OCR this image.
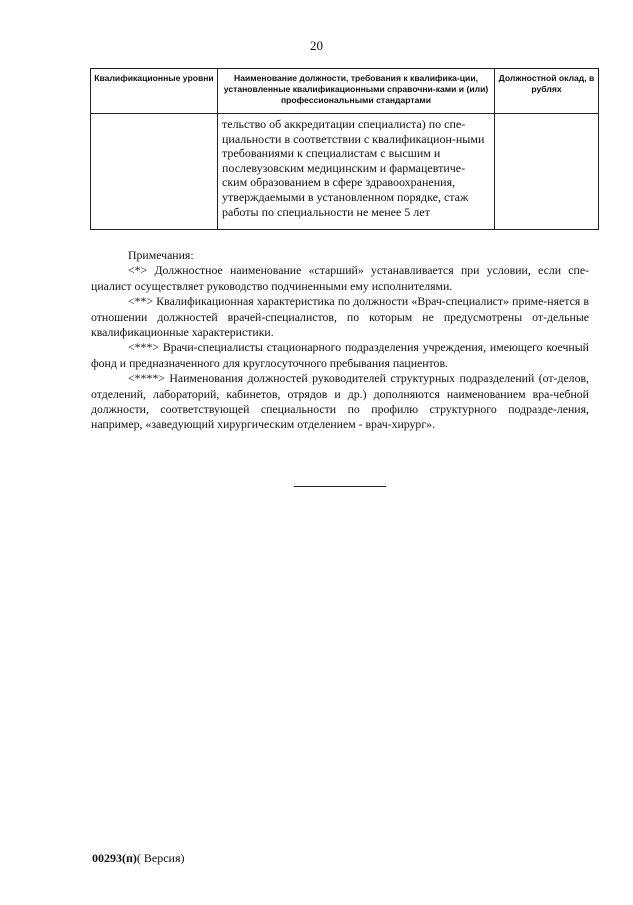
20
Квалификационные уровни	Наименование должности, требования к квалифика-ции, установленные квалификационными справочни-ками и (или) профессиональными стандартами	Должностной оклад, в рублях
	тельство об аккредитации специалиста) по спе-циальности в соответствии с квалификацион-ными требованиями к специалистам с высшим и послевузовским медицинским и фармацевтиче-ским образованием в сфере здравоохранения, утверждаемыми в установленном порядке, стаж работы по специальности не менее 5 лет	

Примечания:

<*> Должностное наименование «старший» устанавливается при условии, если спе-циалист осуществляет руководство подчиненными ему исполнителями.

<**> Квалификационная характеристика по должности «Врач-специалист» приме-няется в отношении должностей врачей-специалистов, по которым не предусмотрены от-дельные квалификационные характеристики.

<***> Врачи-специалисты стационарного подразделения учреждения, имеющего коечный фонд и предназначенного для круглосуточного пребывания пациентов.

<****> Наименования должностей руководителей структурных подразделений (от-делов, отделений, лабораторий, кабинетов, отрядов и др.) дополняются наименованием вра-чебной должности, соответствующей специальности по профилю структурного подразде-ления, например, «заведующий хирургическим отделением - врач-хирург».

00293(п)( Версия)
